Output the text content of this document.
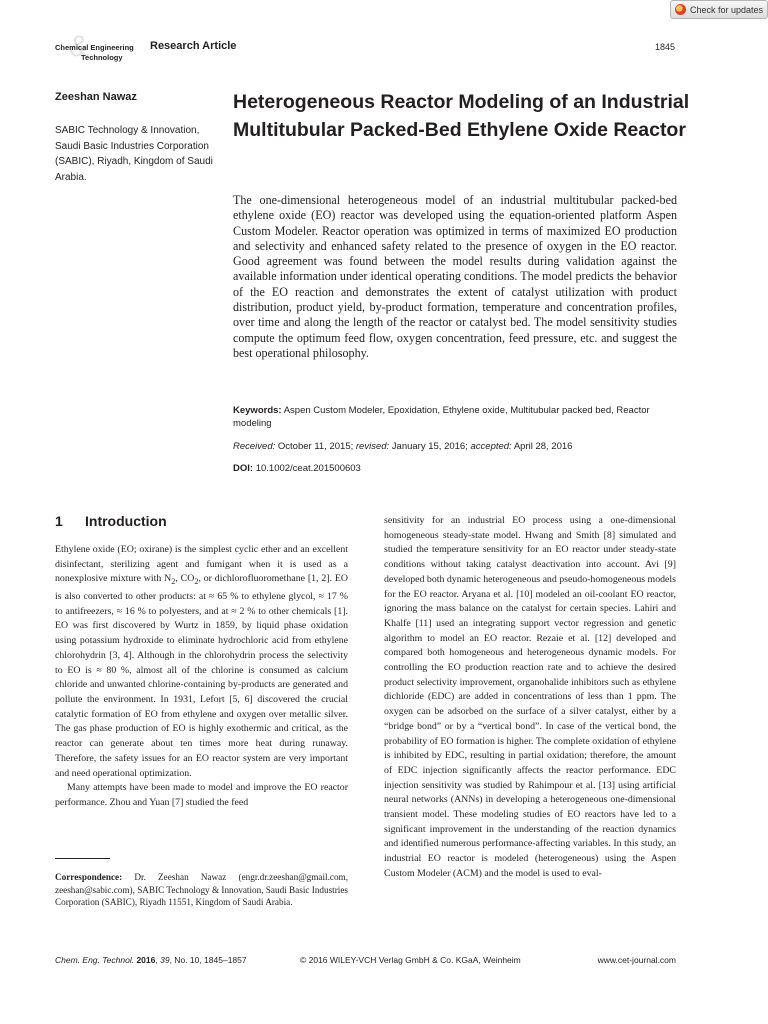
Check for updates
&
Chemical Engineering
Technology
Research Article	1845
Zeeshan Nawaz
SABIC Technology & Innovation, Saudi Basic Industries Corporation (SABIC), Riyadh, Kingdom of Saudi Arabia.
Heterogeneous Reactor Modeling of an Industrial Multitubular Packed-Bed Ethylene Oxide Reactor

The one-dimensional heterogeneous model of an industrial multitubular packed-bed ethylene oxide (EO) reactor was developed using the equation-oriented platform Aspen Custom Modeler. Reactor operation was optimized in terms of maximized EO production and selectivity and enhanced safety related to the presence of oxygen in the EO reactor. Good agreement was found between the model results during validation against the available information under identical operating conditions. The model predicts the behavior of the EO reaction and demonstrates the extent of catalyst utilization with product distribution, product yield, by-product formation, temperature and concentration profiles, over time and along the length of the reactor or catalyst bed. The model sensitivity studies compute the optimum feed flow, oxygen concentration, feed pressure, etc. and suggest the best operational philosophy.

Keywords: Aspen Custom Modeler, Epoxidation, Ethylene oxide, Multitubular packed bed, Reactor modeling
Received: October 11, 2015; revised: January 15, 2016; accepted: April 28, 2016
DOI: 10.1002/ceat.201500603
1 Introduction

Ethylene oxide (EO; oxirane) is the simplest cyclic ether and an excellent disinfectant, sterilizing agent and fumigant when it is used as a nonexplosive mixture with $N_2$, $CO_2$, or dichlorofluoromethane [1, 2]. EO is also converted to other products: at ≈ 65 % to ethylene glycol, ≈ 17 % to antifreezers, ≈ 16 % to polyesters, and at ≈ 2 % to other chemicals [1]. EO was first discovered by Wurtz in 1859, by liquid phase oxidation using potassium hydroxide to eliminate hydrochloric acid from ethylene chlorohydrin [3, 4]. Although in the chlorohydrin process the selectivity to EO is ≈ 80 %, almost all of the chlorine is consumed as calcium chloride and unwanted chlorine-containing by-products are generated and pollute the environment. In 1931, Lefort [5, 6] discovered the crucial catalytic formation of EO from ethylene and oxygen over metallic silver. The gas phase production of EO is highly exothermic and critical, as the reactor can generate about ten times more heat during runaway. Therefore, the safety issues for an EO reactor system are very important and need operational optimization.

Many attempts have been made to model and improve the EO reactor performance. Zhou and Yuan [7] studied the feed

sensitivity for an industrial EO process using a one-dimensional homogeneous steady-state model. Hwang and Smith [8] simulated and studied the temperature sensitivity for an EO reactor under steady-state conditions without taking catalyst deactivation into account. Avi [9] developed both dynamic heterogeneous and pseudo-homogeneous models for the EO reactor. Aryana et al. [10] modeled an oil-coolant EO reactor, ignoring the mass balance on the catalyst for certain species. Lahiri and Khalfe [11] used an integrating support vector regression and genetic algorithm to model an EO reactor. Rezaie et al. [12] developed and compared both homogeneous and heterogeneous dynamic models. For controlling the EO production reaction rate and to achieve the desired product selectivity improvement, organohalide inhibitors such as ethylene dichloride (EDC) are added in concentrations of less than 1 ppm. The oxygen can be adsorbed on the surface of a silver catalyst, either by a “bridge bond” or by a “vertical bond”. In case of the vertical bond, the probability of EO formation is higher. The complete oxidation of ethylene is inhibited by EDC, resulting in partial oxidation; therefore, the amount of EDC injection significantly affects the reactor performance. EDC injection sensitivity was studied by Rahimpour et al. [13] using artificial neural networks (ANNs) in developing a heterogeneous one-dimensional transient model. These modeling studies of EO reactors have led to a significant improvement in the understanding of the reaction dynamics and identified numerous performance-affecting variables. In this study, an industrial EO reactor is modeled (heterogeneous) using the Aspen Custom Modeler (ACM) and the model is used to eval-

Correspondence: Dr. Zeeshan Nawaz (engr.dr.zeeshan@gmail.com, zeeshan@sabic.com), SABIC Technology & Innovation, Saudi Basic Industries Corporation (SABIC), Riyadh 11551, Kingdom of Saudi Arabia.
Chem. Eng. Technol. 2016, 39, No. 10, 1845–1857	© 2016 WILEY-VCH Verlag GmbH & Co. KGaA, Weinheim	www.cet-journal.com
